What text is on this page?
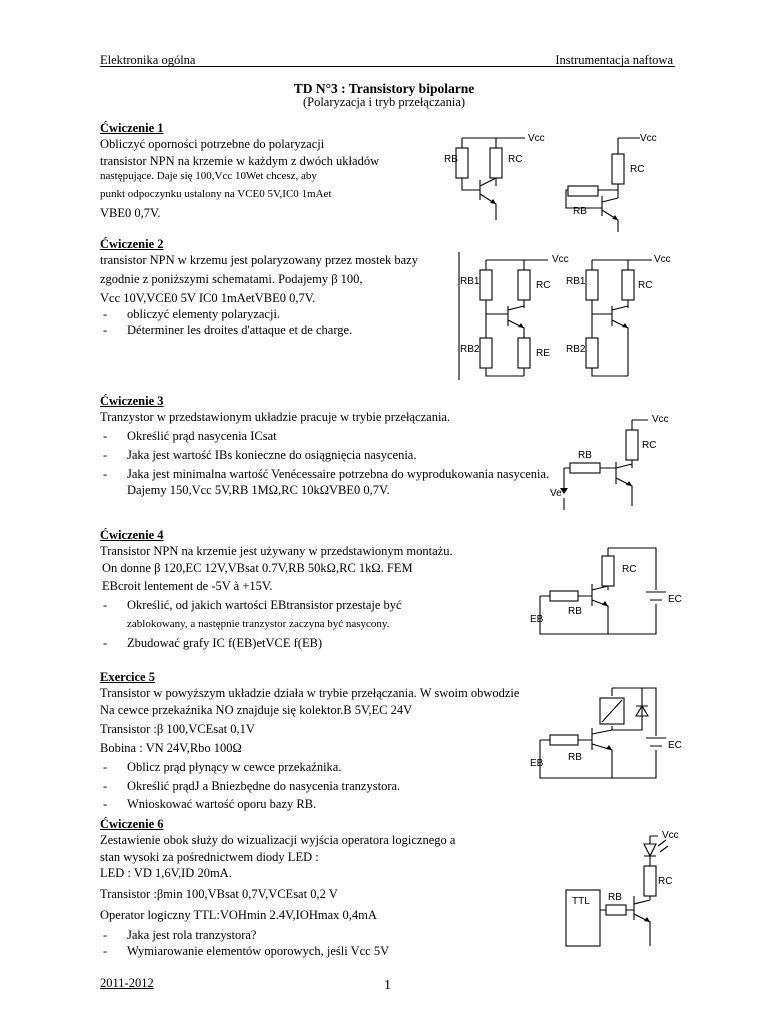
Elektronika ogólna	Instrumentacja naftowa
TD N°3 : Transistory bipolarne
(Polaryzacja i tryb przełączania)
Ćwiczenie 1
Obliczyć oporności potrzebne do polaryzacji
transistor NPN na krzemie w każdym z dwóch układów
następujące. Daje się 100,Vcc 10Wet chcesz, aby
punkt odpoczynku ustalony na VCE0 5V,IC0 1mAet
VBE0 0,7V.
RB	RC
Vcc
RC
RB
Vcc
Ćwiczenie 2
transistor NPN w krzemu jest polaryzowany przez mostek bazy
zgodnie z poniższymi schematami. Podajemy β 100,
Vcc 10V,VCE0 5V IC0 1mAetVBE0 0,7V.
- obliczyć elementy polaryzacji.
- Déterminer les droites d'attaque et de charge.
RB1	RC
RB2	RE
Vcc
RB1	RC
RB2
Vcc
Ćwiczenie 3
Tranzystor w przedstawionym układzie pracuje w trybie przełączania.
- Określić prąd nasycenia ICsat
- Jaka jest wartość IBs konieczne do osiągnięcia nasycenia.
- Jaka jest minimalna wartość Venécessaire potrzebna do wyprodukowania nasycenia.
Dajemy 150,Vcc 5V,RB 1MΩ,RC 10kΩVBE0 0,7V.
Vcc
RC
RB
Ve
Ćwiczenie 4
Transistor NPN na krzemie jest używany w przedstawionym montażu.
On donne β 120,EC 12V,VBsat 0.7V,RB 50kΩ,RC 1kΩ. FEM
EBcroit lentement de -5V à +15V.
- Określić, od jakich wartości EBtransistor przestaje być
zablokowany, a następnie tranzystor zaczyna być nasycony.
- Zbudować grafy IC f(EB)etVCE f(EB)
RC
RB
EB
EC
Exercice 5
Transistor w powyższym układzie działa w trybie przełączania. W swoim obwodzie
Na cewce przekaźnika NO znajduje się kolektor.B 5V,EC 24V
Transistor :β 100,VCEsat 0,1V
Bobina : VN 24V,Rbo 100Ω
- Oblicz prąd płynący w cewce przekaźnika.
- Określić prądJ a Bniezbędne do nasycenia tranzystora.
- Wnioskować wartość oporu bazy RB.
RB
EB
EC
Ćwiczenie 6
Zestawienie obok służy do wizualizacji wyjścia operatora logicznego a
stan wysoki za pośrednictwem diody LED :
LED : VD 1,6V,ID 20mA.
Transistor :βmin 100,VBsat 0,7V,VCEsat 0,2 V
Operator logiczny TTL:VOHmin 2.4V,IOHmax 0,4mA
- Jaka jest rola tranzystora?
- Wymiarowanie elementów oporowych, jeśli Vcc 5V
Vcc
RC
RB
TTL
2011-2012	1
